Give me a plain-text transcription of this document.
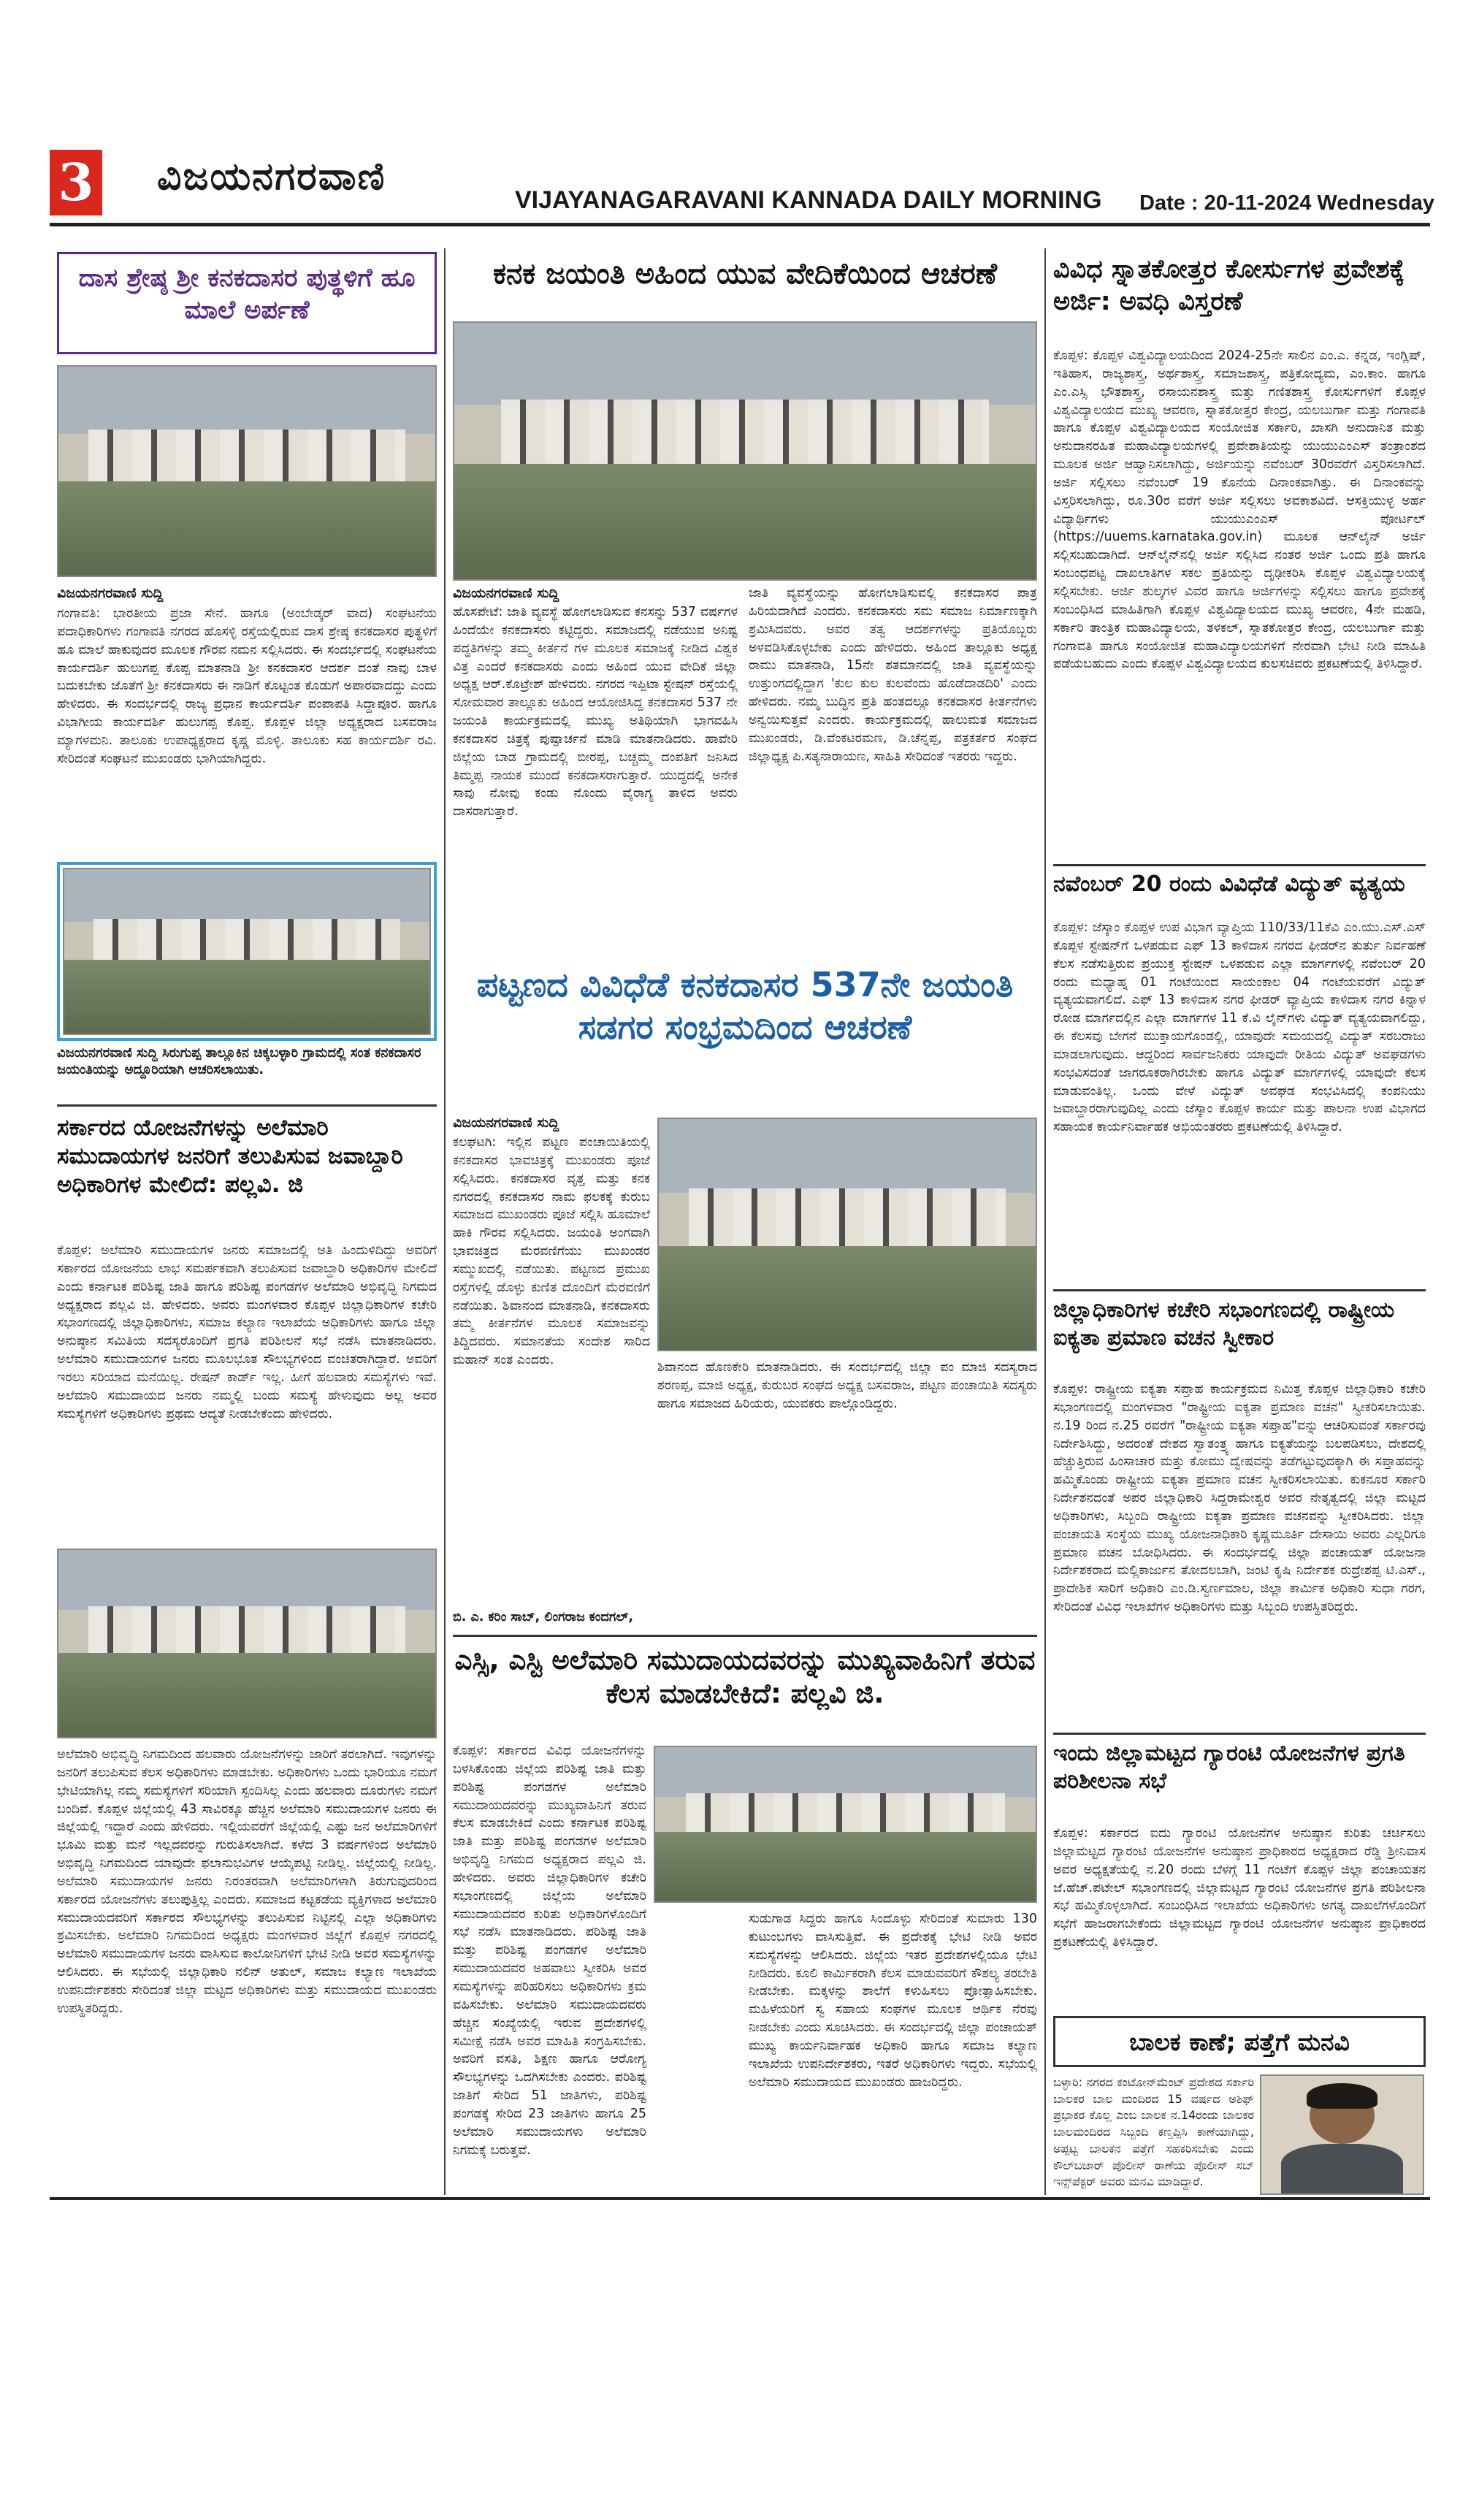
3 ವಿಜಯನಗರವಾಣಿ
VIJAYANAGARAVANI KANNADA DAILY MORNING Date : 20-11-2024 Wednesday
ದಾಸ ಶ್ರೇಷ್ಠ ಶ್ರೀ ಕನಕದಾಸರ ಪುತ್ಥಳಿಗೆ ಹೂ ಮಾಲೆ ಅರ್ಪಣೆ
ವಿಜಯನಗರವಾಣಿ ಸುದ್ದಿ
ಗಂಗಾವತಿ: ಭಾರತೀಯ ಪ್ರಜಾ ಸೇನೆ. ಹಾಗೂ (ಅಂಬೇಡ್ಕರ್ ವಾದ) ಸಂಘಟನೆಯ ಪದಾಧಿಕಾರಿಗಳು ಗಂಗಾವತಿ ನಗರದ ಹೊಸಳ್ಳಿ ರಸ್ತೆಯಲ್ಲಿರುವ ದಾಸ ಶ್ರೇಷ್ಠ ಕನಕದಾಸರ ಪುತ್ಥಳಿಗೆ ಹೂ ಮಾಲೆ ಹಾಕುವುದರ ಮೂಲಕ ಗೌರವ ನಮನ ಸಲ್ಲಿಸಿದರು. ಈ ಸಂದರ್ಭದಲ್ಲಿ ಸಂಘಟನೆಯ ಕಾರ್ಯದರ್ಶಿ ಹುಲುಗಪ್ಪ ಕೊಪ್ಪ ಮಾತನಾಡಿ ಶ್ರೀ ಕನಕದಾಸರ ಆದರ್ಶ ದಂತೆ ನಾವು ಬಾಳ ಬದುಕಬೇಕು ಜೊತೆಗೆ ಶ್ರೀ ಕನಕದಾಸರು ಈ ನಾಡಿಗೆ ಕೊಟ್ಟಂತ ಕೊಡುಗೆ ಅಪಾರವಾದದ್ದು ಎಂದು ಹೇಳಿದರು. ಈ ಸಂದರ್ಭದಲ್ಲಿ ರಾಜ್ಯ ಪ್ರಧಾನ ಕಾರ್ಯದರ್ಶಿ ಪಂಪಾಪತಿ ಸಿದ್ದಾಪೂರ. ಹಾಗೂ ವಿಭಾಗೀಯ ಕಾರ್ಯದರ್ಶಿ ಹುಲುಗಪ್ಪ ಕೊಪ್ಪ. ಕೊಪ್ಪಳ ಜಿಲ್ಲಾ ಅಧ್ಯಕ್ಷರಾದ ಬಸವರಾಜ ಮ್ಯಾಗಳಮನಿ. ತಾಲೂಕು ಉಪಾಧ್ಯಕ್ಷರಾದ ಕೃಷ್ಣ ಮೊಳ್ಳಿ. ತಾಲೂಕು ಸಹ ಕಾರ್ಯದರ್ಶಿ ರವಿ. ಸೇರಿದಂತೆ ಸಂಘಟನೆ ಮುಖಂಡರು ಭಾಗಿಯಾಗಿದ್ದರು.
ವಿಜಯನಗರವಾಣಿ ಸುದ್ದಿ ಸಿರುಗುಪ್ಪ ತಾಲ್ಲೂಕಿನ ಚಿಕ್ಕಬಳ್ಳಾರಿ ಗ್ರಾಮದಲ್ಲಿ ಸಂತ ಕನಕದಾಸರ ಜಯಂತಿಯನ್ನು ಅದ್ದೂರಿಯಾಗಿ ಆಚರಿಸಲಾಯಿತು.
ಸರ್ಕಾರದ ಯೋಜನೆಗಳನ್ನು ಅಲೆಮಾರಿ ಸಮುದಾಯಗಳ ಜನರಿಗೆ ತಲುಪಿಸುವ ಜವಾಬ್ದಾರಿ ಅಧಿಕಾರಿಗಳ ಮೇಲಿದೆ: ಪಲ್ಲವಿ. ಜಿ
ಕೊಪ್ಪಳ: ಅಲೆಮಾರಿ ಸಮುದಾಯಗಳ ಜನರು ಸಮಾಜದಲ್ಲಿ ಅತಿ ಹಿಂದುಳಿದಿದ್ದು ಅವರಿಗೆ ಸರ್ಕಾರದ ಯೋಜನೆಯ ಲಾಭ ಸಮರ್ಪಕವಾಗಿ ತಲುಪಿಸುವ ಜವಾಬ್ದಾರಿ ಅಧಿಕಾರಿಗಳ ಮೇಲಿದೆ ಎಂದು ಕರ್ನಾಟಕ ಪರಿಶಿಷ್ಟ ಜಾತಿ ಹಾಗೂ ಪರಿಶಿಷ್ಟ ಪಂಗಡಗಳ ಅಲೆಮಾರಿ ಅಭಿವೃದ್ಧಿ ನಿಗಮದ ಅಧ್ಯಕ್ಷರಾದ ಪಲ್ಲವಿ ಜಿ. ಹೇಳಿದರು. ಅವರು ಮಂಗಳವಾರ ಕೊಪ್ಪಳ ಜಿಲ್ಲಾಧಿಕಾರಿಗಳ ಕಚೇರಿ ಸಭಾಂಗಣದಲ್ಲಿ ಜಿಲ್ಲಾಧಿಕಾರಿಗಳು, ಸಮಾಜ ಕಲ್ಯಾಣ ಇಲಾಖೆಯ ಅಧಿಕಾರಿಗಳು ಹಾಗೂ ಜಿಲ್ಲಾ ಅನುಷ್ಠಾನ ಸಮಿತಿಯ ಸದಸ್ಯರೊಂದಿಗೆ ಪ್ರಗತಿ ಪರಿಶೀಲನೆ ಸಭೆ ನಡೆಸಿ ಮಾತನಾಡಿದರು. ಅಲೆಮಾರಿ ಸಮುದಾಯಗಳ ಜನರು ಮೂಲಭೂತ ಸೌಲಭ್ಯಗಳಿಂದ ವಂಚಿತರಾಗಿದ್ದಾರೆ. ಅವರಿಗೆ ಇರಲು ಸರಿಯಾದ ಮನೆಯಿಲ್ಲ. ರೇಷನ್ ಕಾರ್ಡ್ ಇಲ್ಲ. ಹೀಗೆ ಹಲವಾರು ಸಮಸ್ಯೆಗಳು ಇವೆ. ಅಲೆಮಾರಿ ಸಮುದಾಯದ ಜನರು ನಮ್ಮಲ್ಲಿ ಬಂದು ಸಮಸ್ಯೆ ಹೇಳುವುದು ಅಲ್ಲ ಅವರ ಸಮಸ್ಯೆಗಳಿಗೆ ಅಧಿಕಾರಿಗಳು ಪ್ರಥಮ ಆದ್ಯತೆ ನೀಡಬೇಕೆಂದು ಹೇಳಿದರು.
ಅಲೆಮಾರಿ ಅಭಿವೃದ್ಧಿ ನಿಗಮದಿಂದ ಹಲವಾರು ಯೋಜನೆಗಳನ್ನು ಜಾರಿಗೆ ತರಲಾಗಿದೆ. ಇವುಗಳನ್ನು ಜನರಿಗೆ ತಲುಪಿಸುವ ಕೆಲಸ ಅಧಿಕಾರಿಗಳು ಮಾಡಬೇಕು. ಅಧಿಕಾರಿಗಳು ಒಂದು ಭಾರಿಯೂ ನಮಗೆ ಭೇಟಿಯಾಗಿಲ್ಲ ನಮ್ಮ ಸಮಸ್ಯೆಗಳಿಗೆ ಸರಿಯಾಗಿ ಸ್ಪಂದಿಸಿಲ್ಲ ಎಂದು ಹಲವಾರು ದೂರುಗಳು ನಮಗೆ ಬಂದಿವೆ. ಕೊಪ್ಪಳ ಜಿಲ್ಲೆಯಲ್ಲಿ 43 ಸಾವಿರಕ್ಕೂ ಹೆಚ್ಚಿನ ಅಲೆಮಾರಿ ಸಮುದಾಯಗಳ ಜನರು ಈ ಜಿಲ್ಲೆಯಲ್ಲಿ ಇದ್ದಾರೆ ಎಂದು ಹೇಳಿದರು. ಇಲ್ಲಿಯವರೆಗೆ ಜಿಲ್ಲೆಯಲ್ಲಿ ಎಷ್ಟು ಜನ ಅಲೆಮಾರಿಗಳಿಗೆ ಭೂಮಿ ಮತ್ತು ಮನೆ ಇಲ್ಲದವರನ್ನು ಗುರುತಿಸಲಾಗಿದೆ. ಕಳೆದ 3 ವರ್ಷಗಳಿಂದ ಅಲೆಮಾರಿ ಅಭಿವೃದ್ಧಿ ನಿಗಮದಿಂದ ಯಾವುದೇ ಫಲಾನುಭವಿಗಳ ಆಯ್ಕೆಪಟ್ಟಿ ನೀಡಿಲ್ಲ. ಜಿಲ್ಲೆಯಲ್ಲಿ ನೀಡಿಲ್ಲ. ಅಲೆಮಾರಿ ಸಮುದಾಯಗಳ ಜನರು ನಿರಂತರವಾಗಿ ಅಲೆಮಾರಿಗಳಾಗಿ ತಿರುಗುವುದರಿಂದ ಸರ್ಕಾರದ ಯೋಜನೆಗಳು ತಲುಪುತ್ತಿಲ್ಲ ಎಂದರು. ಸಮಾಜದ ಕಟ್ಟಕಡೆಯ ವ್ಯಕ್ತಿಗಳಾದ ಅಲೆಮಾರಿ ಸಮುದಾಯದವರಿಗೆ ಸರ್ಕಾರದ ಸೌಲಭ್ಯಗಳನ್ನು ತಲುಪಿಸುವ ನಿಟ್ಟಿನಲ್ಲಿ ಎಲ್ಲಾ ಅಧಿಕಾರಿಗಳು ಶ್ರಮಿಸಬೇಕು. ಅಲೆಮಾರಿ ನಿಗಮದಿಂದ ಅಧ್ಯಕ್ಷರು ಮಂಗಳವಾರ ಜಿಲ್ಲೆಗೆ ಕೊಪ್ಪಳ ನಗರದಲ್ಲಿ ಅಲೆಮಾರಿ ಸಮುದಾಯಗಳ ಜನರು ವಾಸಿಸುವ ಕಾಲೋನಿಗಳಿಗೆ ಭೇಟಿ ನೀಡಿ ಅವರ ಸಮಸ್ಯೆಗಳನ್ನು ಆಲಿಸಿದರು. ಈ ಸಭೆಯಲ್ಲಿ ಜಿಲ್ಲಾಧಿಕಾರಿ ನಲಿನ್ ಅತುಲ್, ಸಮಾಜ ಕಲ್ಯಾಣ ಇಲಾಖೆಯ ಉಪನಿರ್ದೇಶಕರು ಸೇರಿದಂತೆ ಜಿಲ್ಲಾ ಮಟ್ಟದ ಅಧಿಕಾರಿಗಳು ಮತ್ತು ಸಮುದಾಯದ ಮುಖಂಡರು ಉಪಸ್ಥಿತರಿದ್ದರು.
ಕನಕ ಜಯಂತಿ ಅಹಿಂದ ಯುವ ವೇದಿಕೆಯಿಂದ ಆಚರಣೆ
ವಿಜಯನಗರವಾಣಿ ಸುದ್ದಿ
ಹೊಸಪೇಟೆ: ಜಾತಿ ವ್ಯವಸ್ಥೆ ಹೋಗಲಾಡಿಸುವ ಕನಸನ್ನು 537 ವರ್ಷಗಳ ಹಿಂದೆಯೇ ಕನಕದಾಸರು ಕಟ್ಟಿದ್ದರು. ಸಮಾಜದಲ್ಲಿ ನಡೆಯುವ ಅನಿಷ್ಟ ಪದ್ಧತಿಗಳನ್ನು ತಮ್ಮ ಕೀರ್ತನೆ ಗಳ ಮೂಲಕ ಸಮಾಜಕ್ಕೆ ನೀಡಿದ ವಿಶ್ವಕ ವಿತ್ರ ಎಂದರೆ ಕನಕದಾಸರು ಎಂದು ಅಹಿಂದ ಯುವ ವೇದಿಕೆ ಜಿಲ್ಲಾ ಅಧ್ಯಕ್ಷ ಆರ್.ಕೊಟ್ರೇಶ್ ಹೇಳಿದರು. ನಗರದ ಇಪ್ಪಿಟಾ ಸ್ಟೇಷನ್ ರಸ್ತೆಯಲ್ಲಿ ಸೋಮವಾರ ತಾಲ್ಲೂಕು ಅಹಿಂದ ಆಯೋಜಿಸಿದ್ದ ಕನಕದಾಸರ 537 ನೇ ಜಯಂತಿ ಕಾರ್ಯಕ್ರಮದಲ್ಲಿ ಮುಖ್ಯ ಅತಿಥಿಯಾಗಿ ಭಾಗವಹಿಸಿ ಕನಕದಾಸರ ಚಿತ್ರಕ್ಕೆ ಪುಷ್ಪಾರ್ಚನೆ ಮಾಡಿ ಮಾತನಾಡಿದರು. ಹಾವೇರಿ ಜಿಲ್ಲೆಯ ಬಾಡ ಗ್ರಾಮದಲ್ಲಿ ಬೀರಪ್ಪ, ಬಚ್ಚಮ್ಮ ದಂಪತಿಗೆ ಜನಿಸಿದ ತಿಮ್ಮಪ್ಪ ನಾಯಕ ಮುಂದೆ ಕನಕದಾಸರಾಗುತ್ತಾರೆ. ಯುದ್ಧದಲ್ಲಿ ಅನೇಕ ಸಾವು ನೋವು ಕಂಡು ನೊಂದು ವೈರಾಗ್ಯ ತಾಳಿದ ಅವರು ದಾಸರಾಗುತ್ತಾರೆ.
ಜಾತಿ ವ್ಯವಸ್ಥೆಯನ್ನು ಹೋಗಲಾಡಿಸುವಲ್ಲಿ ಕನಕದಾಸರ ಪಾತ್ರ ಹಿರಿಯದಾಗಿದೆ ಎಂದರು. ಕನಕದಾಸರು ಸಮ ಸಮಾಜ ನಿರ್ಮಾಣಕ್ಕಾಗಿ ಶ್ರಮಿಸಿದವರು. ಅವರ ತತ್ವ ಆದರ್ಶಗಳನ್ನು ಪ್ರತಿಯೊಬ್ಬರು ಅಳವಡಿಸಿಕೊಳ್ಳಬೇಕು ಎಂದು ಹೇಳಿದರು. ಅಹಿಂದ ತಾಲ್ಲೂಕು ಅಧ್ಯಕ್ಷ ರಾಮು ಮಾತನಾಡಿ, 15ನೇ ಶತಮಾನದಲ್ಲಿ ಜಾತಿ ವ್ಯವಸ್ಥೆಯನ್ನು ಉತ್ತುಂಗದಲ್ಲಿದ್ದಾಗ 'ಕುಲ ಕುಲ ಕುಲವೆಂದು ಹೊಡೆದಾಡದಿರಿ' ಎಂದು ಹೇಳಿದರು. ನಮ್ಮ ಬುದ್ಧಿನ ಪ್ರತಿ ಹಂತದಲ್ಲೂ ಕನಕದಾಸರ ಕೀರ್ತನೆಗಳು ಅನ್ವಯಿಸುತ್ತವೆ ಎಂದರು. ಕಾರ್ಯಕ್ರಮದಲ್ಲಿ ಹಾಲುಮತ ಸಮಾಜದ ಮುಖಂಡರು, ಡಿ.ವೆಂಕಟರಮಣ, ಡಿ.ಚೆನ್ನಪ್ಪ, ಪತ್ರಕರ್ತರ ಸಂಘದ ಜಿಲ್ಲಾಧ್ಯಕ್ಷ ಪಿ.ಸತ್ಯನಾರಾಯಣ, ಸಾಹಿತಿ ಸೇರಿದಂತೆ ಇತರರು ಇದ್ದರು.
ಪಟ್ಟಣದ ವಿವಿಧೆಡೆ ಕನಕದಾಸರ 537ನೇ ಜಯಂತಿ ಸಡಗರ ಸಂಭ್ರಮದಿಂದ ಆಚರಣೆ
ವಿಜಯನಗರವಾಣಿ ಸುದ್ದಿ
ಕಲಘಟಗಿ: ಇಲ್ಲಿನ ಪಟ್ಟಣ ಪಂಚಾಯಿತಿಯಲ್ಲಿ ಕನಕದಾಸರ ಭಾವಚಿತ್ರಕ್ಕೆ ಮುಖಂಡರು ಪೂಜೆ ಸಲ್ಲಿಸಿದರು. ಕನಕದಾಸರ ವೃತ್ತ ಮತ್ತು ಕನಕ ನಗರದಲ್ಲಿ ಕನಕದಾಸರ ನಾಮ ಫಲಕಕ್ಕೆ ಕುರುಬ ಸಮಾಜದ ಮುಖಂಡರು ಪೂಜೆ ಸಲ್ಲಿಸಿ ಹೂಮಾಲೆ ಹಾಕಿ ಗೌರವ ಸಲ್ಲಿಸಿದರು. ಜಯಂತಿ ಅಂಗವಾಗಿ ಭಾವಚಿತ್ರದ ಮೆರವಣಿಗೆಯು ಮುಖಂಡರ ಸಮ್ಮುಖದಲ್ಲಿ ನಡೆಯಿತು. ಪಟ್ಟಣದ ಪ್ರಮುಖ ರಸ್ತೆಗಳಲ್ಲಿ ಡೊಳ್ಳು ಕುಣಿತ ದೊಂದಿಗೆ ಮೆರವಣಿಗೆ ನಡೆಯಿತು. ಶಿವಾನಂದ ಮಾತನಾಡಿ, ಕನಕದಾಸರು ತಮ್ಮ ಕೀರ್ತನೆಗಳ ಮೂಲಕ ಸಮಾಜವನ್ನು ತಿದ್ದಿದವರು. ಸಮಾನತೆಯ ಸಂದೇಶ ಸಾರಿದ ಮಹಾನ್ ಸಂತ ಎಂದರು.	ಶಿವಾನಂದ ಹೊಣಕೇರಿ ಮಾತನಾಡಿದರು. ಈ ಸಂದರ್ಭದಲ್ಲಿ ಜಿಲ್ಲಾ ಪಂ ಮಾಜಿ ಸದಸ್ಯರಾದ ಶರಣಪ್ಪ, ಮಾಜಿ ಅಧ್ಯಕ್ಷ, ಕುರುಬರ ಸಂಘದ ಅಧ್ಯಕ್ಷ ಬಸವರಾಜ, ಪಟ್ಟಣ ಪಂಚಾಯಿತಿ ಸದಸ್ಯರು ಹಾಗೂ ಸಮಾಜದ ಹಿರಿಯರು, ಯುವಕರು ಪಾಲ್ಗೊಂಡಿದ್ದರು.
ಬಿ. ಎ. ಕರಿಂ ಸಾಬ್, ಲಿಂಗರಾಜ ಕಂದಗಲ್,
ಎಸ್ಸಿ, ಎಸ್ಟಿ ಅಲೆಮಾರಿ ಸಮುದಾಯದವರನ್ನು ಮುಖ್ಯವಾಹಿನಿಗೆ ತರುವ ಕೆಲಸ ಮಾಡಬೇಕಿದೆ: ಪಲ್ಲವಿ ಜಿ.
ಕೊಪ್ಪಳ: ಸರ್ಕಾರದ ವಿವಿಧ ಯೋಜನೆಗಳನ್ನು ಬಳಸಿಕೊಂಡು ಜಿಲ್ಲೆಯ ಪರಿಶಿಷ್ಟ ಜಾತಿ ಮತ್ತು ಪರಿಶಿಷ್ಟ ಪಂಗಡಗಳ ಅಲೆಮಾರಿ ಸಮುದಾಯದವರನ್ನು ಮುಖ್ಯವಾಹಿನಿಗೆ ತರುವ ಕೆಲಸ ಮಾಡಬೇಕಿದೆ ಎಂದು ಕರ್ನಾಟಕ ಪರಿಶಿಷ್ಟ ಜಾತಿ ಮತ್ತು ಪರಿಶಿಷ್ಟ ಪಂಗಡಗಳ ಅಲೆಮಾರಿ ಅಭಿವೃದ್ಧಿ ನಿಗಮದ ಅಧ್ಯಕ್ಷರಾದ ಪಲ್ಲವಿ ಜಿ. ಹೇಳಿದರು. ಅವರು ಜಿಲ್ಲಾಧಿಕಾರಿಗಳ ಕಚೇರಿ ಸಭಾಂಗಣದಲ್ಲಿ ಜಿಲ್ಲೆಯ ಅಲೆಮಾರಿ ಸಮುದಾಯದವರ ಕುರಿತು ಅಧಿಕಾರಿಗಳೊಂದಿಗೆ ಸಭೆ ನಡೆಸಿ ಮಾತನಾಡಿದರು. ಪರಿಶಿಷ್ಟ ಜಾತಿ ಮತ್ತು ಪರಿಶಿಷ್ಟ ಪಂಗಡಗಳ ಅಲೆಮಾರಿ ಸಮುದಾಯದವರ ಅಹವಾಲು ಸ್ವೀಕರಿಸಿ ಅವರ ಸಮಸ್ಯೆಗಳನ್ನು ಪರಿಹರಿಸಲು ಅಧಿಕಾರಿಗಳು ಕ್ರಮ ವಹಿಸಬೇಕು. ಅಲೆಮಾರಿ ಸಮುದಾಯದವರು ಹೆಚ್ಚಿನ ಸಂಖ್ಯೆಯಲ್ಲಿ ಇರುವ ಪ್ರದೇಶಗಳಲ್ಲಿ ಸಮೀಕ್ಷೆ ನಡೆಸಿ ಅವರ ಮಾಹಿತಿ ಸಂಗ್ರಹಿಸಬೇಕು. ಅವರಿಗೆ ವಸತಿ, ಶಿಕ್ಷಣ ಹಾಗೂ ಆರೋಗ್ಯ ಸೌಲಭ್ಯಗಳನ್ನು ಒದಗಿಸಬೇಕು ಎಂದರು. ಪರಿಶಿಷ್ಟ ಜಾತಿಗೆ ಸೇರಿದ 51 ಜಾತಿಗಳು, ಪರಿಶಿಷ್ಟ ಪಂಗಡಕ್ಕೆ ಸೇರಿದ 23 ಜಾತಿಗಳು ಹಾಗೂ 25 ಅಲೆಮಾರಿ ಸಮುದಾಯಗಳು ಅಲೆಮಾರಿ ನಿಗಮಕ್ಕೆ ಬರುತ್ತವೆ.
ಸುಡುಗಾಡ ಸಿದ್ದರು ಹಾಗೂ ಸಿಂದೊಳ್ಳು ಸೇರಿದಂತೆ ಸುಮಾರು 130 ಕುಟುಂಬಗಳು ವಾಸಿಸುತ್ತಿವೆ. ಈ ಪ್ರದೇಶಕ್ಕೆ ಭೇಟಿ ನೀಡಿ ಅವರ ಸಮಸ್ಯೆಗಳನ್ನು ಆಲಿಸಿದರು. ಜಿಲ್ಲೆಯ ಇತರ ಪ್ರದೇಶಗಳಲ್ಲಿಯೂ ಭೇಟಿ ನೀಡಿದರು. ಕೂಲಿ ಕಾರ್ಮಿಕರಾಗಿ ಕೆಲಸ ಮಾಡುವವರಿಗೆ ಕೌಶಲ್ಯ ತರಬೇತಿ ನೀಡಬೇಕು. ಮಕ್ಕಳನ್ನು ಶಾಲೆಗೆ ಕಳುಹಿಸಲು ಪ್ರೋತ್ಸಾಹಿಸಬೇಕು. ಮಹಿಳೆಯರಿಗೆ ಸ್ವ ಸಹಾಯ ಸಂಘಗಳ ಮೂಲಕ ಆರ್ಥಿಕ ನೆರವು ನೀಡಬೇಕು ಎಂದು ಸೂಚಿಸಿದರು. ಈ ಸಂದರ್ಭದಲ್ಲಿ ಜಿಲ್ಲಾ ಪಂಚಾಯತ್ ಮುಖ್ಯ ಕಾರ್ಯನಿರ್ವಾಹಕ ಅಧಿಕಾರಿ ಹಾಗೂ ಸಮಾಜ ಕಲ್ಯಾಣ ಇಲಾಖೆಯ ಉಪನಿರ್ದೇಶಕರು, ಇತರೆ ಅಧಿಕಾರಿಗಳು ಇದ್ದರು. ಸಭೆಯಲ್ಲಿ ಅಲೆಮಾರಿ ಸಮುದಾಯದ ಮುಖಂಡರು ಹಾಜರಿದ್ದರು.
ವಿವಿಧ ಸ್ನಾತಕೋತ್ತರ ಕೋರ್ಸುಗಳ ಪ್ರವೇಶಕ್ಕೆ ಅರ್ಜಿ: ಅವಧಿ ವಿಸ್ತರಣೆ
ಕೊಪ್ಪಳ: ಕೊಪ್ಪಳ ವಿಶ್ವವಿದ್ಯಾಲಯದಿಂದ 2024-25ನೇ ಸಾಲಿನ ಎಂ.ಎ. ಕನ್ನಡ, ಇಂಗ್ಲಿಷ್, ಇತಿಹಾಸ, ರಾಜ್ಯಶಾಸ್ತ್ರ, ಅರ್ಥಶಾಸ್ತ್ರ, ಸಮಾಜಶಾಸ್ತ್ರ, ಪತ್ರಿಕೋದ್ಯಮ, ಎಂ.ಕಾಂ. ಹಾಗೂ ಎಂ.ಎಸ್ಸಿ ಭೌತಶಾಸ್ತ್ರ, ರಸಾಯನಶಾಸ್ತ್ರ ಮತ್ತು ಗಣಿತಶಾಸ್ತ್ರ ಕೋರ್ಸುಗಳಿಗೆ ಕೊಪ್ಪಳ ವಿಶ್ವವಿದ್ಯಾಲಯದ ಮುಖ್ಯ ಆವರಣ, ಸ್ನಾತಕೋತ್ತರ ಕೇಂದ್ರ, ಯಲಬುರ್ಗಾ ಮತ್ತು ಗಂಗಾವತಿ ಹಾಗೂ ಕೊಪ್ಪಳ ವಿಶ್ವವಿದ್ಯಾಲಯದ ಸಂಯೋಜಿತ ಸರ್ಕಾರಿ, ಖಾಸಗಿ ಅನುದಾನಿತ ಮತ್ತು ಅನುದಾನರಹಿತ ಮಹಾವಿದ್ಯಾಲಯಗಳಲ್ಲಿ ಪ್ರವೇಶಾತಿಯನ್ನು ಯುಯುಎಂಎಸ್ ತಂತ್ರಾಂಶದ ಮೂಲಕ ಅರ್ಜಿ ಆಹ್ವಾನಿಸಲಾಗಿದ್ದು, ಅರ್ಜಿಯನ್ನು ನವೆಂಬರ್ 30ರವರೆಗೆ ವಿಸ್ತರಿಸಲಾಗಿದೆ. ಅರ್ಜಿ ಸಲ್ಲಿಸಲು ನವೆಂಬರ್ 19 ಕೊನೆಯ ದಿನಾಂಕವಾಗಿತ್ತು. ಈ ದಿನಾಂಕವನ್ನು ವಿಸ್ತರಿಸಲಾಗಿದ್ದು, ರೂ.30ರ ವರೆಗೆ ಅರ್ಜಿ ಸಲ್ಲಿಸಲು ಅವಕಾಶವಿದೆ. ಆಸಕ್ತಿಯುಳ್ಳ ಅರ್ಹ ವಿದ್ಯಾರ್ಥಿಗಳು ಯುಯುಎಂಎಸ್ ಪೋರ್ಟಲ್ (https://uuems.karnataka.gov.in) ಮೂಲಕ ಆನ್‌ಲೈನ್ ಅರ್ಜಿ ಸಲ್ಲಿಸಬಹುದಾಗಿದೆ. ಆನ್‌ಲೈನ್‌ನಲ್ಲಿ ಅರ್ಜಿ ಸಲ್ಲಿಸಿದ ನಂತರ ಅರ್ಜಿ ಒಂದು ಪ್ರತಿ ಹಾಗೂ ಸಂಬಂಧಪಟ್ಟ ದಾಖಲಾತಿಗಳ ಸಕಲ ಪ್ರತಿಯನ್ನು ದೃಢೀಕರಿಸಿ ಕೊಪ್ಪಳ ವಿಶ್ವವಿದ್ಯಾಲಯಕ್ಕೆ ಸಲ್ಲಿಸಬೇಕು. ಅರ್ಜಿ ಶುಲ್ಕಗಳ ವಿವರ ಹಾಗೂ ಅರ್ಜಿಗಳನ್ನು ಸಲ್ಲಿಸಲು ಹಾಗೂ ಪ್ರವೇಶಕ್ಕೆ ಸಂಬಂಧಿಸಿದ ಮಾಹಿತಿಗಾಗಿ ಕೊಪ್ಪಳ ವಿಶ್ವವಿದ್ಯಾಲಯದ ಮುಖ್ಯ ಆವರಣ, 4ನೇ ಮಹಡಿ, ಸರ್ಕಾರಿ ತಾಂತ್ರಿಕ ಮಹಾವಿದ್ಯಾಲಯ, ತಳಕಲ್, ಸ್ನಾತಕೋತ್ತರ ಕೇಂದ್ರ, ಯಲಬುರ್ಗಾ ಮತ್ತು ಗಂಗಾವತಿ ಹಾಗೂ ಸಂಯೋಜಿತ ಮಹಾವಿದ್ಯಾಲಯಗಳಿಗೆ ನೇರವಾಗಿ ಭೇಟಿ ನೀಡಿ ಮಾಹಿತಿ ಪಡೆಯಬಹುದು ಎಂದು ಕೊಪ್ಪಳ ವಿಶ್ವವಿದ್ಯಾಲಯದ ಕುಲಸಚಿವರು ಪ್ರಕಟಣೆಯಲ್ಲಿ ತಿಳಿಸಿದ್ದಾರೆ.
ನವೆಂಬರ್ 20 ರಂದು ವಿವಿಧೆಡೆ ವಿದ್ಯುತ್ ವ್ಯತ್ಯಯ
ಕೊಪ್ಪಳ: ಜೆಸ್ಕಾಂ ಕೊಪ್ಪಳ ಉಪ ವಿಭಾಗ ವ್ಯಾಪ್ತಿಯ 110/33/11ಕೆವಿ ಎಂ.ಯು.ಎಸ್.ಎಸ್ ಕೊಪ್ಪಳ ಸ್ಟೇಷನ್‌ಗೆ ಒಳಪಡುವ ಎಫ್ 13 ಕಾಳಿದಾಸ ನಗರದ ಫೀಡರ್‌ನ ತುರ್ತು ನಿರ್ವಹಣೆ ಕೆಲಸ ನಡೆಸುತ್ತಿರುವ ಪ್ರಯುಕ್ತ ಸ್ಟೇಷನ್ ಒಳಪಡುವ ಎಲ್ಲಾ ಮಾರ್ಗಗಳಲ್ಲಿ ನವೆಂಬರ್ 20 ರಂದು ಮಧ್ಯಾಹ್ನ 01 ಗಂಟೆಯಿಂದ ಸಾಯಂಕಾಲ 04 ಗಂಟೆಯವರೆಗೆ ವಿದ್ಯುತ್ ವ್ಯತ್ಯಯವಾಗಲಿದೆ. ಎಫ್ 13 ಕಾಳಿದಾಸ ನಗರ ಫೀಡರ್ ವ್ಯಾಪ್ತಿಯ ಕಾಳಿದಾಸ ನಗರ ಕಿನ್ನಾಳ ರೋಡ ಮಾರ್ಗದಲ್ಲಿನ ಎಲ್ಲಾ ಮಾರ್ಗಗಳ 11 ಕೆ.ವಿ ಲೈನ್‌ಗಳು ವಿದ್ಯುತ್ ವ್ಯತ್ಯಯವಾಗಲಿದ್ದು, ಈ ಕೆಲಸವು ಬೇಗನೆ ಮುಕ್ತಾಯಗೊಂಡಲ್ಲಿ, ಯಾವುದೇ ಸಮಯದಲ್ಲಿ ವಿದ್ಯುತ್ ಸರಬರಾಜು ಮಾಡಲಾಗುವುದು. ಆದ್ದರಿಂದ ಸಾರ್ವಜನಿಕರು ಯಾವುದೇ ರೀತಿಯ ವಿದ್ಯುತ್ ಅವಘಡಗಳು ಸಂಭವಿಸದಂತೆ ಜಾಗರೂಕರಾಗಿರಬೇಕು ಹಾಗೂ ವಿದ್ಯುತ್ ಮಾರ್ಗಗಳಲ್ಲಿ ಯಾವುದೇ ಕೆಲಸ ಮಾಡುವಂತಿಲ್ಲ. ಒಂದು ವೇಳೆ ವಿದ್ಯುತ್ ಅವಘಡ ಸಂಭವಿಸಿದಲ್ಲಿ ಕಂಪನಿಯು ಜವಾಬ್ದಾರರಾಗುವುದಿಲ್ಲ ಎಂದು ಜೆಸ್ಕಾಂ ಕೊಪ್ಪಳ ಕಾರ್ಯ ಮತ್ತು ಪಾಲನಾ ಉಪ ವಿಭಾಗದ ಸಹಾಯಕ ಕಾರ್ಯನಿರ್ವಾಹಕ ಅಭಿಯಂತರರು ಪ್ರಕಟಣೆಯಲ್ಲಿ ತಿಳಿಸಿದ್ದಾರೆ.
ಜಿಲ್ಲಾಧಿಕಾರಿಗಳ ಕಚೇರಿ ಸಭಾಂಗಣದಲ್ಲಿ ರಾಷ್ಟ್ರೀಯ ಐಕ್ಯತಾ ಪ್ರಮಾಣ ವಚನ ಸ್ವೀಕಾರ
ಕೊಪ್ಪಳ: ರಾಷ್ಟ್ರೀಯ ಐಕ್ಯತಾ ಸಪ್ತಾಹ ಕಾರ್ಯಕ್ರಮದ ನಿಮಿತ್ತ ಕೊಪ್ಪಳ ಜಿಲ್ಲಾಧಿಕಾರಿ ಕಚೇರಿ ಸಭಾಂಗಣದಲ್ಲಿ ಮಂಗಳವಾರ "ರಾಷ್ಟ್ರೀಯ ಐಕ್ಯತಾ ಪ್ರಮಾಣ ವಚನ" ಸ್ವೀಕರಿಸಲಾಯಿತು. ನ.19 ರಿಂದ ನ.25 ರವರೆಗೆ "ರಾಷ್ಟ್ರೀಯ ಐಕ್ಯತಾ ಸಪ್ತಾಹ"ವನ್ನು ಆಚರಿಸುವಂತೆ ಸರ್ಕಾರವು ನಿರ್ದೇಶಿಸಿದ್ದು, ಅದರಂತೆ ದೇಶದ ಸ್ವಾತಂತ್ರ್ಯ ಹಾಗೂ ಐಕ್ಯತೆಯನ್ನು ಬಲಪಡಿಸಲು, ದೇಶದಲ್ಲಿ ಹೆಚ್ಚುತ್ತಿರುವ ಹಿಂಸಾಚಾರ ಮತ್ತು ಕೋಮು ದ್ವೇಷವನ್ನು ತಡೆಗಟ್ಟುವುದಕ್ಕಾಗಿ ಈ ಸಪ್ತಾಹವನ್ನು ಹಮ್ಮಿಕೊಂಡು ರಾಷ್ಟ್ರೀಯ ಐಕ್ಯತಾ ಪ್ರಮಾಣ ವಚನ ಸ್ವೀಕರಿಸಲಾಯಿತು. ಕುಕನೂರ ಸರ್ಕಾರಿ ನಿರ್ದೇಶನದಂತೆ ಅಪರ ಜಿಲ್ಲಾಧಿಕಾರಿ ಸಿದ್ದರಾಮೇಶ್ವರ ಅವರ ನೇತೃತ್ವದಲ್ಲಿ ಜಿಲ್ಲಾ ಮಟ್ಟದ ಅಧಿಕಾರಿಗಳು, ಸಿಬ್ಬಂದಿ ರಾಷ್ಟ್ರೀಯ ಐಕ್ಯತಾ ಪ್ರಮಾಣ ವಚನವನ್ನು ಸ್ವೀಕರಿಸಿದರು. ಜಿಲ್ಲಾ ಪಂಚಾಯತಿ ಸಂಸ್ಥೆಯ ಮುಖ್ಯ ಯೋಜನಾಧಿಕಾರಿ ಕೃಷ್ಣಮೂರ್ತಿ ದೇಸಾಯಿ ಅವರು ಎಲ್ಲರಿಗೂ ಪ್ರಮಾಣ ವಚನ ಬೋಧಿಸಿದರು. ಈ ಸಂದರ್ಭದಲ್ಲಿ ಜಿಲ್ಲಾ ಪಂಚಾಯತ್ ಯೋಜನಾ ನಿರ್ದೇಶಕರಾದ ಮಲ್ಲಿಕಾರ್ಜುನ ತೋದಲಬಾಗಿ, ಜಂಟಿ ಕೃಷಿ ನಿರ್ದೇಶಕ ರುದ್ರೇಶಪ್ಪ ಟಿ.ಎಸ್., ಪ್ರಾದೇಶಿಕ ಸಾರಿಗೆ ಅಧಿಕಾರಿ ಎಂ.ಡಿ.ಸ್ವರ್ಣಮಾಲ, ಜಿಲ್ಲಾ ಕಾರ್ಮಿಕ ಅಧಿಕಾರಿ ಸುಧಾ ಗರಗ, ಸೇರಿದಂತೆ ವಿವಿಧ ಇಲಾಖೆಗಳ ಅಧಿಕಾರಿಗಳು ಮತ್ತು ಸಿಬ್ಬಂದಿ ಉಪಸ್ಥಿತರಿದ್ದರು.
ಇಂದು ಜಿಲ್ಲಾಮಟ್ಟದ ಗ್ಯಾರಂಟಿ ಯೋಜನೆಗಳ ಪ್ರಗತಿ ಪರಿಶೀಲನಾ ಸಭೆ
ಕೊಪ್ಪಳ: ಸರ್ಕಾರದ ಐದು ಗ್ಯಾರಂಟಿ ಯೋಜನೆಗಳ ಅನುಷ್ಠಾನ ಕುರಿತು ಚರ್ಚಿಸಲು ಜಿಲ್ಲಾಮಟ್ಟದ ಗ್ಯಾರಂಟಿ ಯೋಜನೆಗಳ ಅನುಷ್ಠಾನ ಪ್ರಾಧಿಕಾರದ ಅಧ್ಯಕ್ಷರಾದ ರೆಡ್ಡಿ ಶ್ರೀನಿವಾಸ ಅವರ ಅಧ್ಯಕ್ಷತೆಯಲ್ಲಿ ನ.20 ರಂದು ಬೆಳಗ್ಗೆ 11 ಗಂಟೆಗೆ ಕೊಪ್ಪಳ ಜಿಲ್ಲಾ ಪಂಚಾಯತನ ಜೆ.ಹೆಚ್.ಪಟೇಲ್ ಸಭಾಂಗಣದಲ್ಲಿ ಜಿಲ್ಲಾಮಟ್ಟದ ಗ್ಯಾರಂಟಿ ಯೋಜನೆಗಳ ಪ್ರಗತಿ ಪರಿಶೀಲನಾ ಸಭೆ ಹಮ್ಮಿಕೊಳ್ಳಲಾಗಿದೆ. ಸಂಬಂಧಿಸಿದ ಇಲಾಖೆಯ ಅಧಿಕಾರಿಗಳು ಅಗತ್ಯ ದಾಖಲೆಗಳೊಂದಿಗೆ ಸಭೆಗೆ ಹಾಜರಾಗಬೇಕೆಂದು ಜಿಲ್ಲಾಮಟ್ಟದ ಗ್ಯಾರಂಟಿ ಯೋಜನೆಗಳ ಅನುಷ್ಠಾನ ಪ್ರಾಧಿಕಾರದ ಪ್ರಕಟಣೆಯಲ್ಲಿ ತಿಳಿಸಿದ್ದಾರೆ.
ಬಾಲಕ ಕಾಣೆ; ಪತ್ತೆಗೆ ಮನವಿ
ಬಳ್ಳಾರಿ: ನಗರದ ಕಂಟೋನ್‌ಮೆಂಟ್ ಪ್ರದೇಶದ ಸರ್ಕಾರಿ ಬಾಲಕರ ಬಾಲ ಮಂದಿರದ 15 ವರ್ಷದ ಅಶಿಫ್ ಪ್ರಭಾಕರ ಕೊಲ್ಲ ಎಂಬ ಬಾಲಕ ನ.14ರಂದು ಬಾಲಕರ ಬಾಲಮಂದಿರದ ಸಿಬ್ಬಂದಿ ಕಣ್ತಪ್ಪಿಸಿ ಕಾಣೆಯಾಗಿದ್ದು, ಅಪ್ಪಟ್ಟ ಬಾಲಕನ ಪತ್ತೆಗೆ ಸಹಕರಿಸಬೇಕು ಎಂದು ಕೌಲ್‌ಬಜಾರ್ ಪೊಲೀಸ್ ಠಾಣೆಯ ಪೊಲೀಸ್ ಸಬ್ ಇನ್ಸ್‌ಪೆಕ್ಟರ್ ಅವರು ಮನವಿ ಮಾಡಿದ್ದಾರೆ.
